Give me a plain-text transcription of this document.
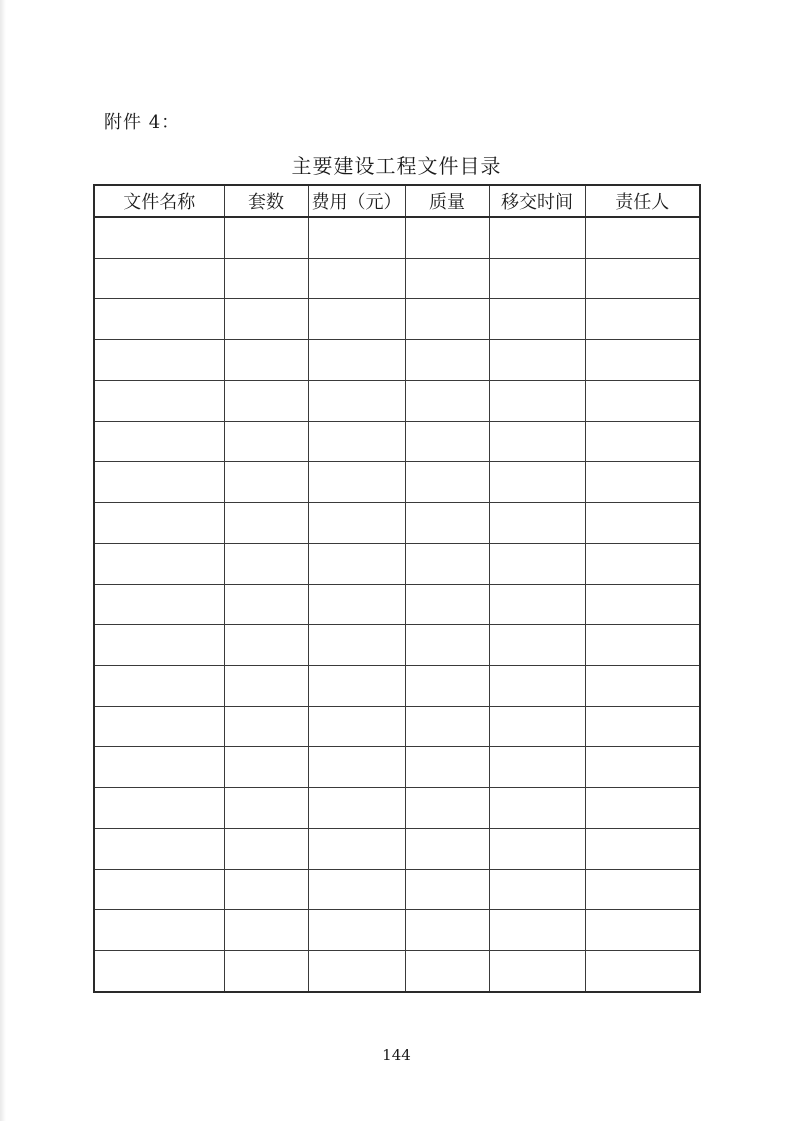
附件 4：
主要建设工程文件目录
文件名称	套数	费用（元）	质量	移交时间	责任人

144
